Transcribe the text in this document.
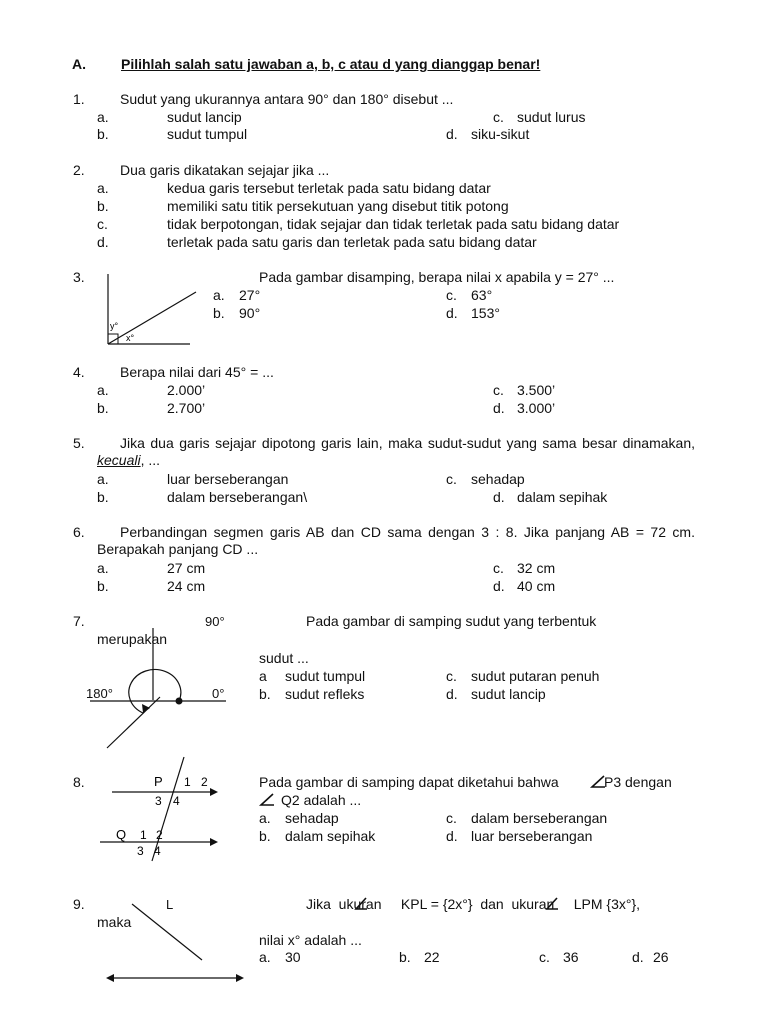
A.	Pilihlah salah satu jawaban a, b, c atau d yang dianggap benar!
1.	Sudut yang ukurannya antara 90° dan 180° disebut ...
a.	sudut lancip
b.	sudut tumpul
c. sudut lurus
d. siku-sikut
2.	Dua garis dikatakan sejajar jika ...
a.	kedua garis tersebut terletak pada satu bidang datar
b.	memiliki satu titik persekutuan yang disebut titik potong
c.	tidak berpotongan, tidak sejajar dan tidak terletak pada satu bidang datar
d.	terletak pada satu garis dan terletak pada satu bidang datar
3.
y°
x°
Pada gambar disamping, berapa nilai x apabila y = 27° ...
a. 27°
b. 90°
c. 63°
d. 153°
4.	Berapa nilai dari 45° = ...
a.	2.000’
b.	2.700’
c. 3.500’
d. 3.000’
5.	Jika dua garis sejajar dipotong garis lain, maka sudut-sudut yang sama besar dinamakan, kecuali, ...
a.	luar berseberangan
b.	dalam berseberangan\
c. sehadap
d. dalam sepihak
6.	Perbandingan segmen garis AB dan CD sama dengan 3 : 8. Jika panjang AB = 72 cm. Berapakah panjang CD ...
a.	27 cm
b.	24 cm
c. 32 cm
d. 40 cm
7.	90°	Pada gambar di samping sudut yang terbentuk
merupakan
sudut ...
180°	0°
a sudut tumpul
b. sudut refleks
c. sudut putaran penuh
d. sudut lancip
8.	P 1 2
3 4
Q 1 2
3 4
Pada gambar di samping dapat diketahui bahwa	P3 dengan
Q2 adalah ...
a. sehadap
b. dalam sepihak
c. dalam berseberangan
d. luar berseberangan
9.	L
maka
Jika  ukuran     KPL = {2x°}  dan  ukuran     LPM {3x°},
nilai x° adalah ...
a. 30	b. 22	c. 36	d. 26
